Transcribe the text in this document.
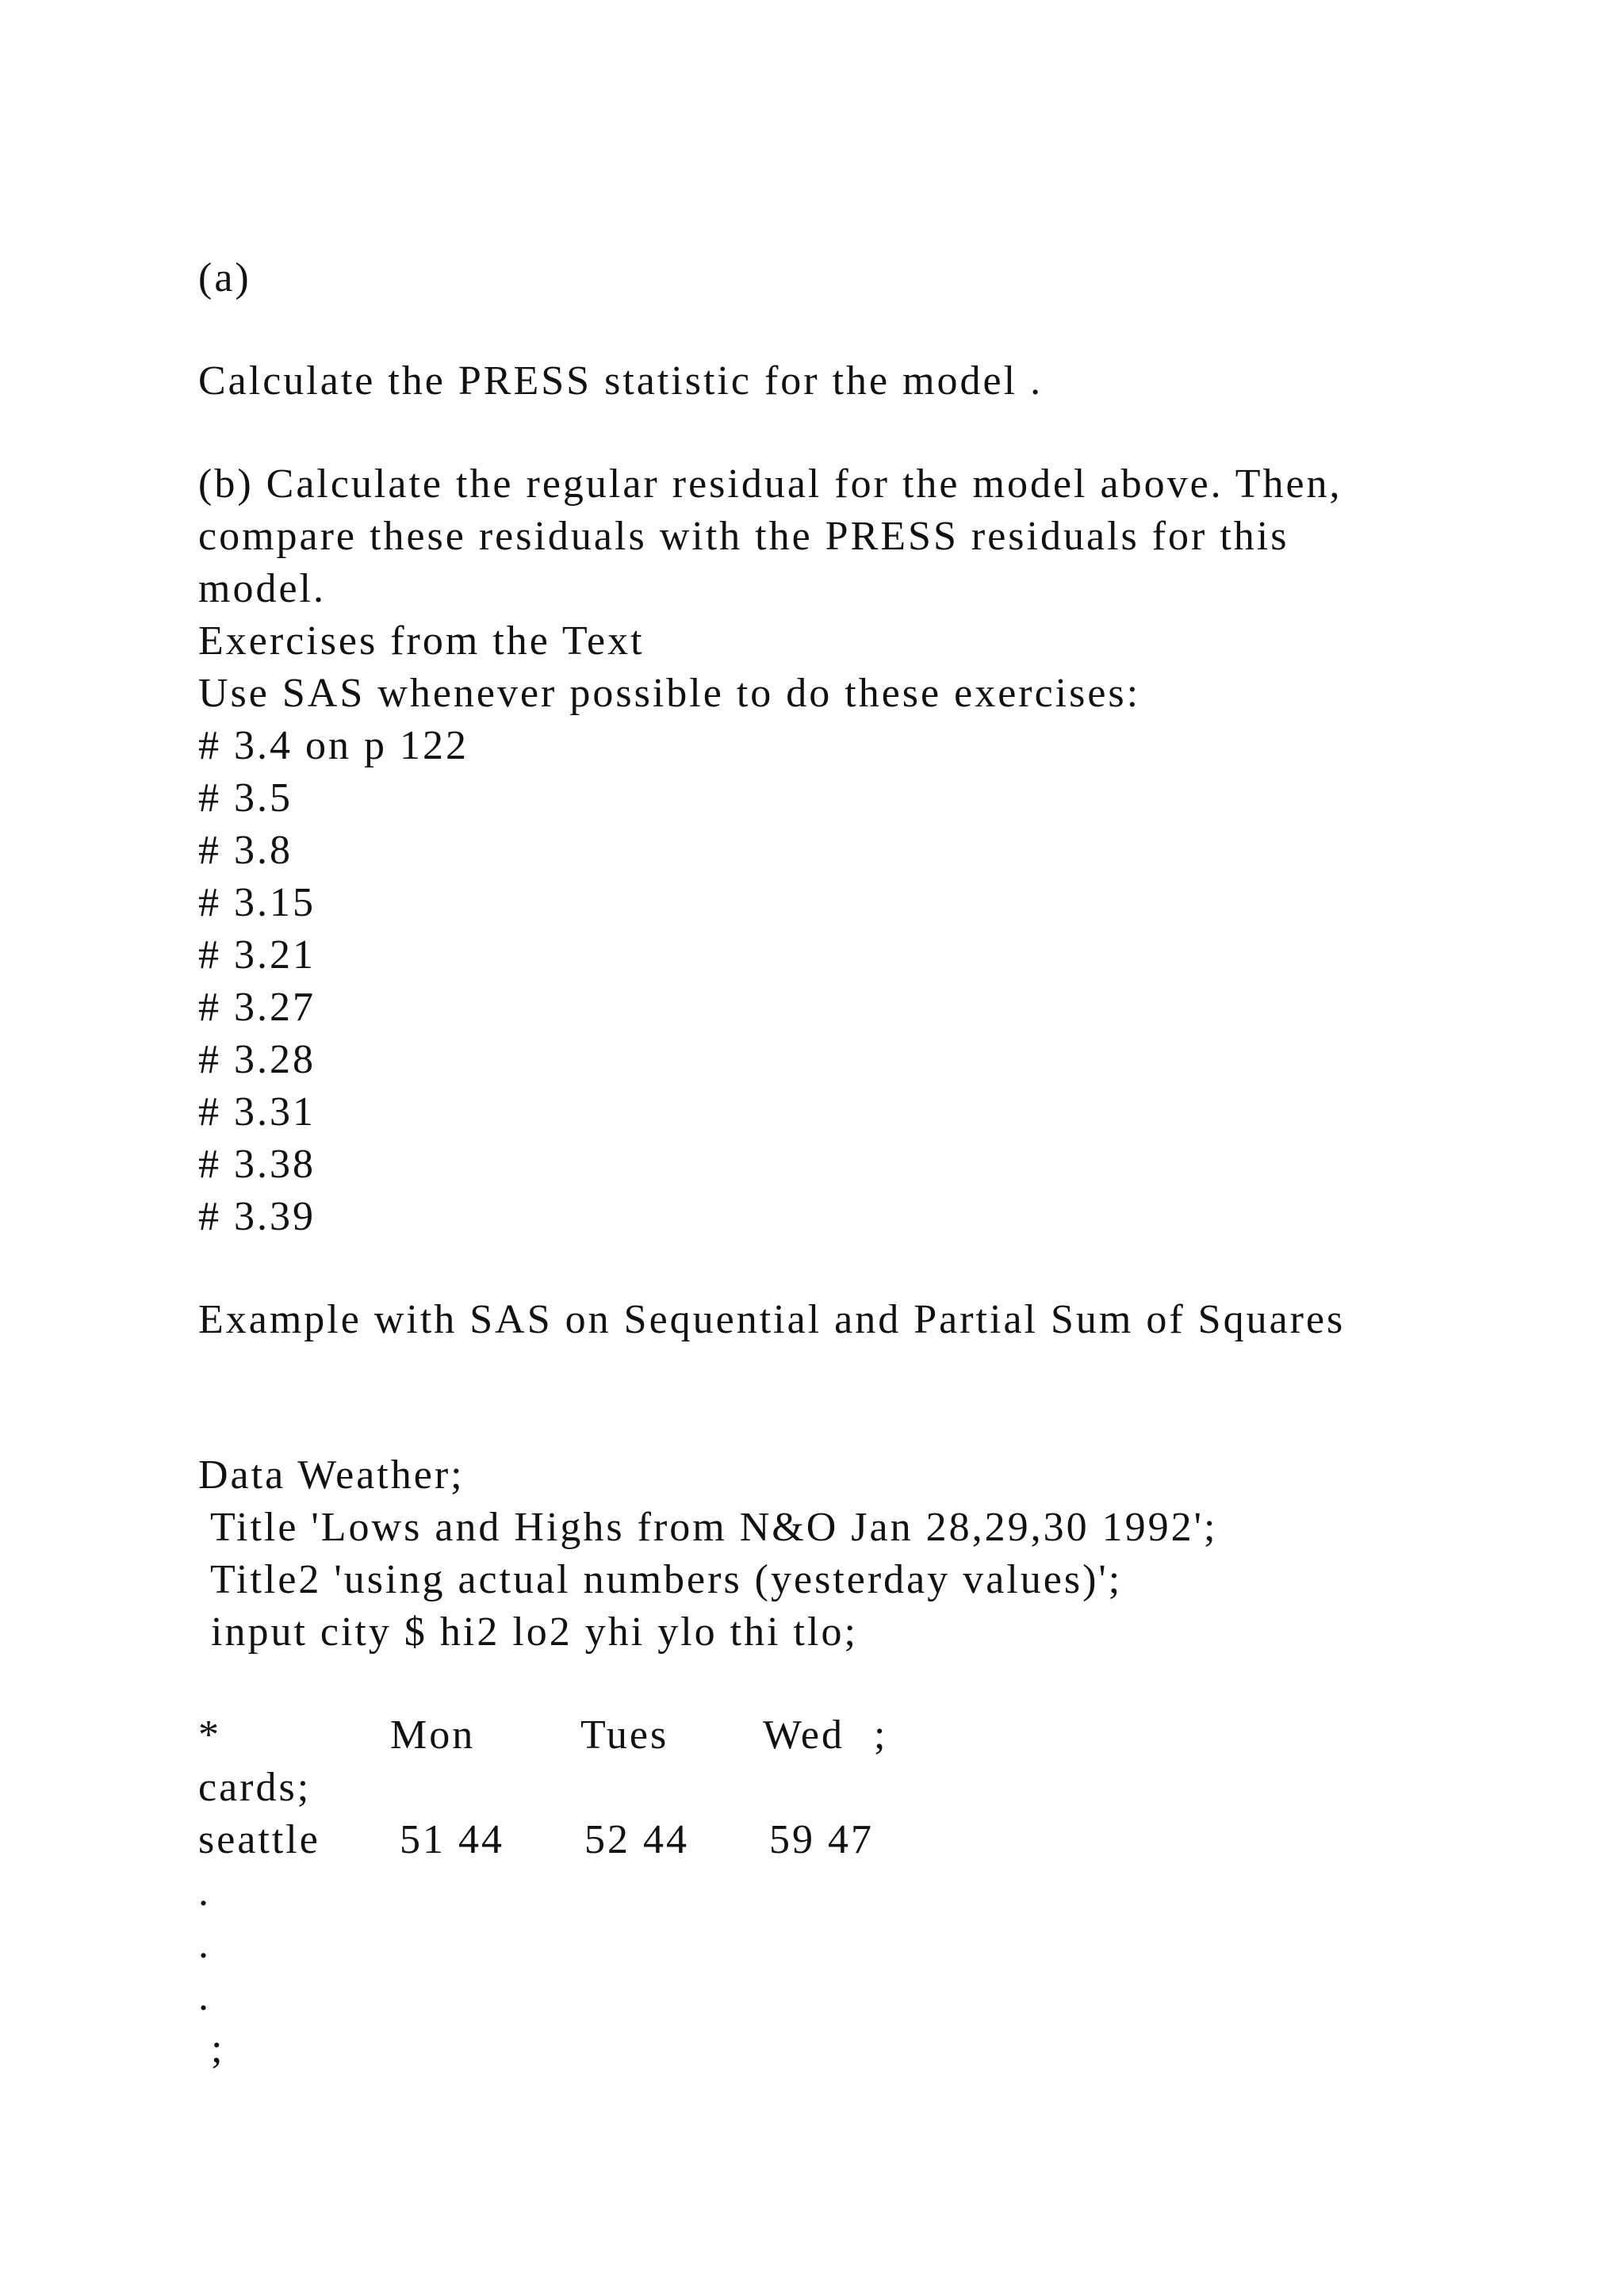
(a)

Calculate the PRESS statistic for the model .

(b) Calculate the regular residual for the model above. Then,

compare these residuals with the PRESS residuals for this

model.

Exercises from the Text

Use SAS whenever possible to do these exercises:

# 3.4 on p 122

# 3.5

# 3.8

# 3.15

# 3.21

# 3.27

# 3.28

# 3.31

# 3.38

# 3.39

Example with SAS on Sequential and Partial Sum of Squares

Data Weather;

Title 'Lows and Highs from N&O Jan 28,29,30 1992';

Title2 'using actual numbers (yesterday values)';

input city $ hi2 lo2 yhi ylo thi tlo;

*	Mon	Tues Wed ;

cards;

seattle 51 44 52 44 59 47

.

.

.

;
